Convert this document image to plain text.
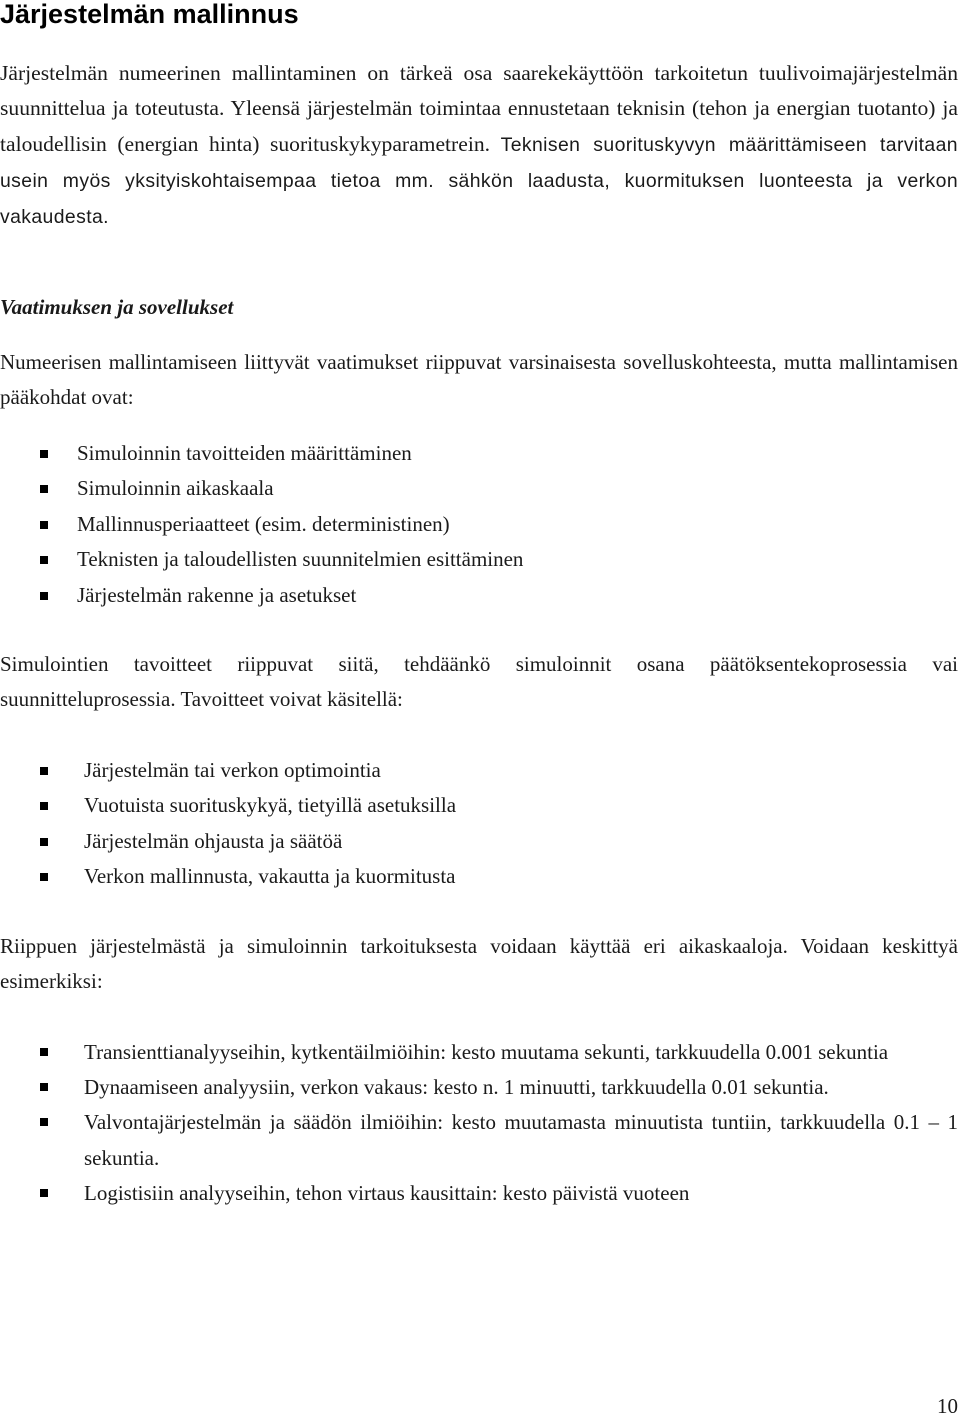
Järjestelmän mallinnus

Järjestelmän numeerinen mallintaminen on tärkeä osa saarekekäyttöön tarkoitetun tuulivoimajärjestelmän suunnittelua ja toteutusta. Yleensä järjestelmän toimintaa ennustetaan teknisin (tehon ja energian tuotanto) ja taloudellisin (energian hinta) suorituskykyparametrein. Teknisen suorituskyvyn määrittämiseen tarvitaan usein myös yksityiskohtaisempaa tietoa mm. sähkön laadusta, kuormituksen luonteesta ja verkon vakaudesta.

Vaatimuksen ja sovellukset

Numeerisen mallintamiseen liittyvät vaatimukset riippuvat varsinaisesta sovelluskohteesta, mutta mallintamisen pääkohdat ovat:

Simuloinnin tavoitteiden määrittäminen
Simuloinnin aikaskaala
Mallinnusperiaatteet (esim. deterministinen)
Teknisten ja taloudellisten suunnitelmien esittäminen
Järjestelmän rakenne ja asetukset

Simulointien tavoitteet riippuvat siitä, tehdäänkö simuloinnit osana päätöksentekoprosessia vai suunnitteluprosessia. Tavoitteet voivat käsitellä:

Järjestelmän tai verkon optimointia
Vuotuista suorituskykyä, tietyillä asetuksilla
Järjestelmän ohjausta ja säätöä
Verkon mallinnusta, vakautta ja kuormitusta

Riippuen järjestelmästä ja simuloinnin tarkoituksesta voidaan käyttää eri aikaskaaloja. Voidaan keskittyä esimerkiksi:

Transienttianalyyseihin, kytkentäilmiöihin: kesto muutama sekunti, tarkkuudella 0.001 sekuntia
Dynaamiseen analyysiin, verkon vakaus: kesto n. 1 minuutti, tarkkuudella 0.01 sekuntia.
Valvontajärjestelmän ja säädön ilmiöihin: kesto muutamasta minuutista tuntiin, tarkkuudella 0.1 – 1 sekuntia.
Logistisiin analyyseihin, tehon virtaus kausittain: kesto päivistä vuoteen
10
